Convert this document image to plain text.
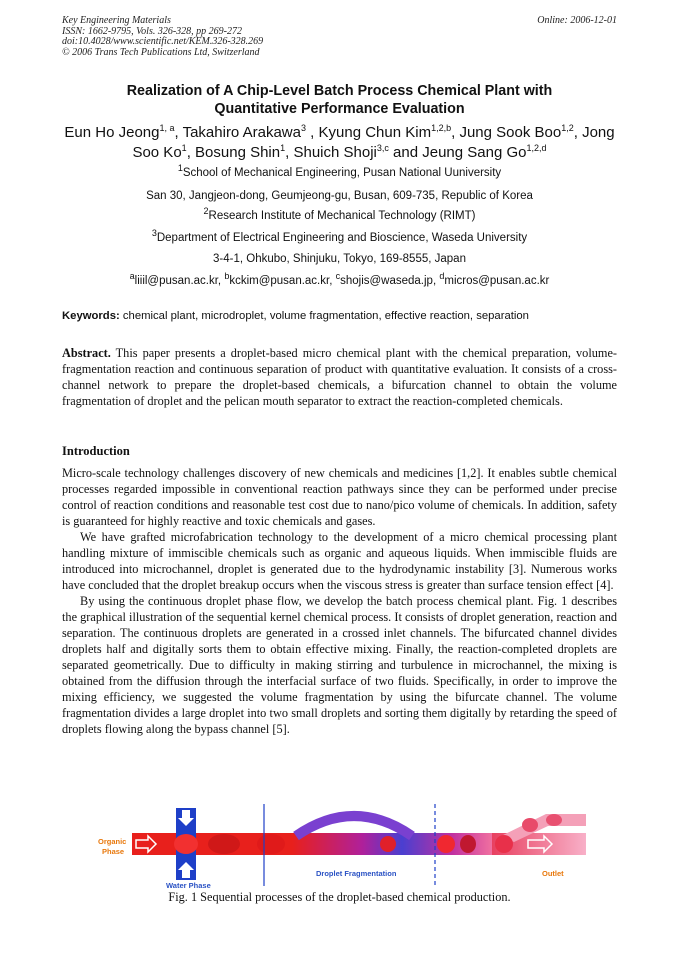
Key Engineering Materials
ISSN: 1662-9795, Vols. 326-328, pp 269-272
doi:10.4028/www.scientific.net/KEM.326-328.269
© 2006 Trans Tech Publications Ltd, Switzerland
Online: 2006-12-01
Realization of A Chip-Level Batch Process Chemical Plant with
Quantitative Performance Evaluation
Eun Ho Jeong$^{1, a}$, Takahiro Arakawa$^3$ , Kyung Chun Kim$^{1,2,b}$, Jung Sook Boo$^{1,2}$, Jong Soo Ko$^1$, Bosung Shin$^1$, Shuich Shoji$^{3,c}$ and Jeung Sang Go$^{1,2,d}$
$^1$School of Mechanical Engineering, Pusan National Uuniversity
San 30, Jangjeon-dong, Geumjeong-gu, Busan, 609-735, Republic of Korea
$^2$Research Institute of Mechanical Technology (RIMT)
$^3$Department of Electrical Engineering and Bioscience, Waseda University
3-4-1, Ohkubo, Shinjuku, Tokyo, 169-8555, Japan
$^a$liiil@pusan.ac.kr, $^b$kckim@pusan.ac.kr, $^c$shojis@waseda.jp, $^d$micros@pusan.ac.kr
Keywords: chemical plant, microdroplet, volume fragmentation, effective reaction, separation

Abstract. This paper presents a droplet-based micro chemical plant with the chemical preparation, volume-fragmentation reaction and continuous separation of product with quantitative evaluation. It consists of a cross-channel network to prepare the droplet-based chemicals, a bifurcation channel to obtain the volume fragmentation of droplet and the pelican mouth separator to extract the reaction-completed chemicals.

Introduction

Micro-scale technology challenges discovery of new chemicals and medicines [1,2]. It enables subtle chemical processes regarded impossible in conventional reaction pathways since they can be performed under precise control of reaction conditions and reasonable test cost due to nano/pico volume of chemicals. In addition, safety is guaranteed for highly reactive and toxic chemicals and gases.

We have grafted microfabrication technology to the development of a micro chemical processing plant handling mixture of immiscible chemicals such as organic and aqueous liquids. When immiscible fluids are introduced into microchannel, droplet is generated due to the hydrodynamic instability [3]. Numerous works have concluded that the droplet breakup occurs when the viscous stress is greater than surface tension effect [4].

By using the continuous droplet phase flow, we develop the batch process chemical plant. Fig. 1 describes the graphical illustration of the sequential kernel chemical process. It consists of droplet generation, reaction and separation. The continuous droplets are generated in a crossed inlet channels. The bifurcated channel divides droplets half and digitally sorts them to obtain effective mixing. Finally, the reaction-completed droplets are separated geometrically. Due to difficulty in making stirring and turbulence in microchannel, the mixing is obtained from the diffusion through the interfacial surface of two fluids. Specifically, in order to improve the mixing efficiency, we suggested the volume fragmentation by using the bifurcate channel. The volume fragmentation divides a large droplet into two small droplets and sorting them digitally by retarding the speed of droplets flowing along the bypass channel [5].

Organic
Phase
Water Phase
Droplet Fragmentation	Outlet
Fig. 1 Sequential processes of the droplet-based chemical production.
